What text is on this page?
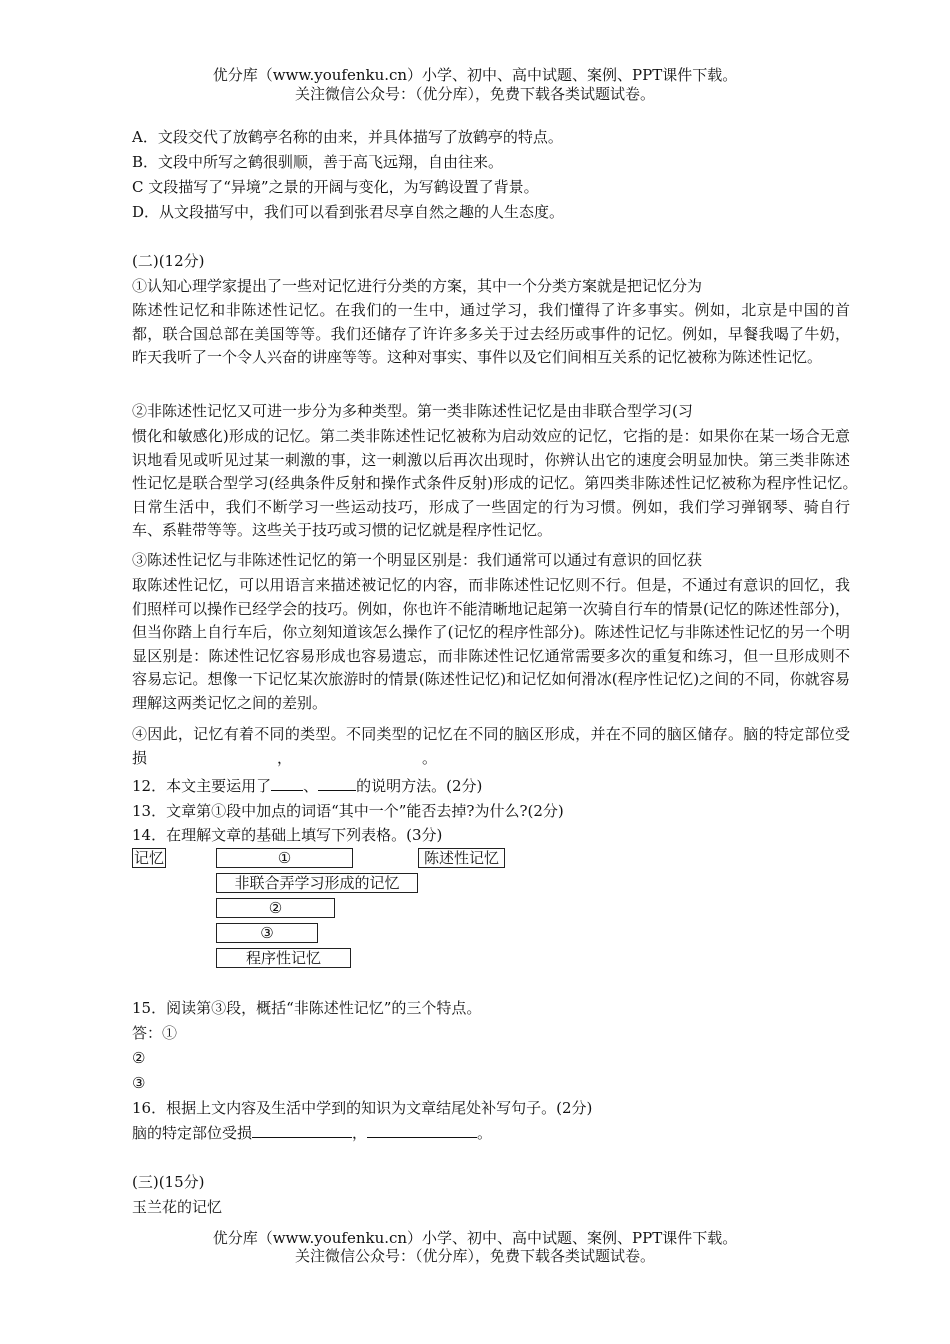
优分库（www.youfenku.cn）小学、初中、高中试题、案例、PPT课件下载。
关注微信公众号：（优分库），免费下载各类试题试卷。
A．文段交代了放鹤亭名称的由来，并具体描写了放鹤亭的特点。
B．文段中所写之鹤很驯顺，善于高飞远翔，自由往来。
C 文段描写了“异境”之景的开阔与变化，为写鹤设置了背景。
D．从文段描写中，我们可以看到张君尽享自然之趣的人生态度。
(二)(12分)
①认知心理学家提出了一些对记忆进行分类的方案，其中一个分类方案就是把记忆分为
陈述性记忆和非陈述性记忆。在我们的一生中，通过学习，我们懂得了许多事实。例如，北京是中国的首都，联合国总部在美国等等。我们还储存了许许多多关于过去经历或事件的记忆。例如，早餐我喝了牛奶，昨天我听了一个令人兴奋的讲座等等。这种对事实、事件以及它们间相互关系的记忆被称为陈述性记忆。
②非陈述性记忆又可进一步分为多种类型。第一类非陈述性记忆是由非联合型学习(习
惯化和敏感化)形成的记忆。第二类非陈述性记忆被称为启动效应的记忆，它指的是：如果你在某一场合无意识地看见或听见过某一刺激的事，这一刺激以后再次出现时，你辨认出它的速度会明显加快。第三类非陈述性记忆是联合型学习(经典条件反射和操作式条件反射)形成的记忆。第四类非陈述性记忆被称为程序性记忆。　日常生活中，我们不断学习一些运动技巧，形成了一些固定的行为习惯。例如，我们学习弹钢琴、骑自行车、系鞋带等等。这些关于技巧或习惯的记忆就是程序性记忆。
③陈述性记忆与非陈述性记忆的第一个明显区别是：我们通常可以通过有意识的回忆获
取陈述性记忆，可以用语言来描述被记忆的内容，而非陈述性记忆则不行。但是，不通过有意识的回忆，我们照样可以操作已经学会的技巧。例如，你也许不能清晰地记起第一次骑自行车的情景(记忆的陈述性部分)，但当你踏上自行车后，你立刻知道该怎么操作了(记忆的程序性部分)。陈述性记忆与非陈述性记忆的另一个明显区别是：陈述性记忆容易形成也容易遗忘，而非陈述性记忆通常需要多次的重复和练习，但一旦形成则不容易忘记。想像一下记忆某次旅游时的情景(陈述性记忆)和记忆如何滑冰(程序性记忆)之间的不同，你就容易理解这两类记忆之间的差别。
④因此，记忆有着不同的类型。不同类型的记忆在不同的脑区形成，并在不同的脑区储存。脑的特定部位受损	，	。
12．本文主要运用了 、	的说明方法。(2分)
13．文章第①段中加点的词语“其中一个”能否去掉?为什么?(2分)
14．在理解文章的基础上填写下列表格。(3分)
记忆	①	陈述性记忆
非联合弄学习形成的记忆
②
③
程序性记忆
15．阅读第③段，概括“非陈述性记忆”的三个特点。
答：①
②
③
16．根据上文内容及生活中学到的知识为文章结尾处补写句子。(2分)
脑的特定部位受损	，	。
(三)(15分)
玉兰花的记忆
优分库（www.youfenku.cn）小学、初中、高中试题、案例、PPT课件下载。
关注微信公众号：（优分库），免费下载各类试题试卷。
